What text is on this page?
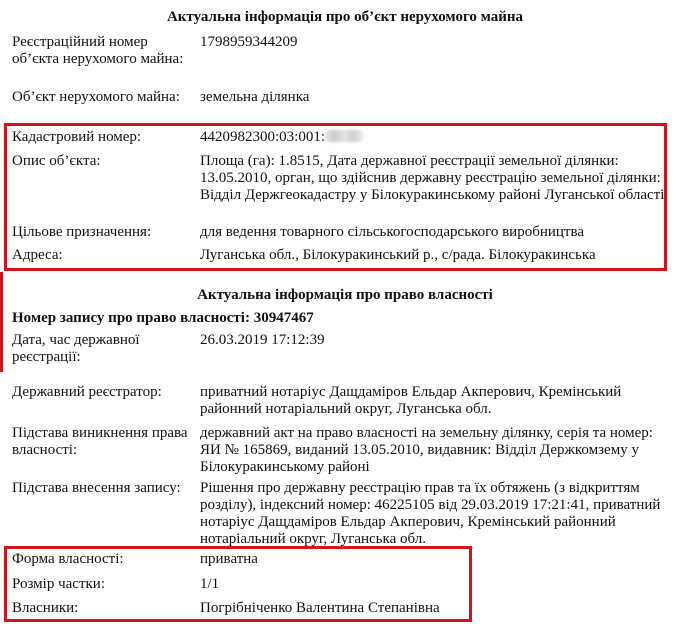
Актуальна інформація про об’єкт нерухомого майна
Реєстраційний номер об’єкта нерухомого майна:
1798959344209
Об’єкт нерухомого майна:	земельна ділянка
Кадастровий номер:	4420982300:03:001:
Опис об’єкта:	Площа (га): 1.8515, Дата державної реєстрації земельної ділянки: 13.05.2010, орган, що здійснив державну реєстрацію земельної ділянки: Відділ Держгеокадастру у Білокуракинському районі Луганської області
Цільове призначення:	для ведення товарного сільськогосподарського виробництва
Адреса:	Луганська обл., Білокуракинський р., с/рада. Білокуракинська
Актуальна інформація про право власності
Номер запису про право власності: 30947467
Дата, час державної реєстрації:
26.03.2019 17:12:39
Державний реєстратор:	приватний нотаріус Дащдаміров Ельдар Акперович, Кремінський районний нотаріальний округ, Луганська обл.
Підстава виникнення права власності:
державний акт на право власності на земельну ділянку, серія та номер: ЯИ № 165869, виданий 13.05.2010, видавник: Відділ Держкомзему у Білокуракинському районі
Підстава внесення запису:	Рішення про державну реєстрацію прав та їх обтяжень (з відкриттям розділу), індексний номер: 46225105 від 29.03.2019 17:21:41, приватний нотаріус Дащдаміров Ельдар Акперович, Кремінський районний нотаріальний округ, Луганська обл.
Форма власності:	приватна
Розмір частки:	1/1
Власники:	Погрібніченко Валентина Степанівна
